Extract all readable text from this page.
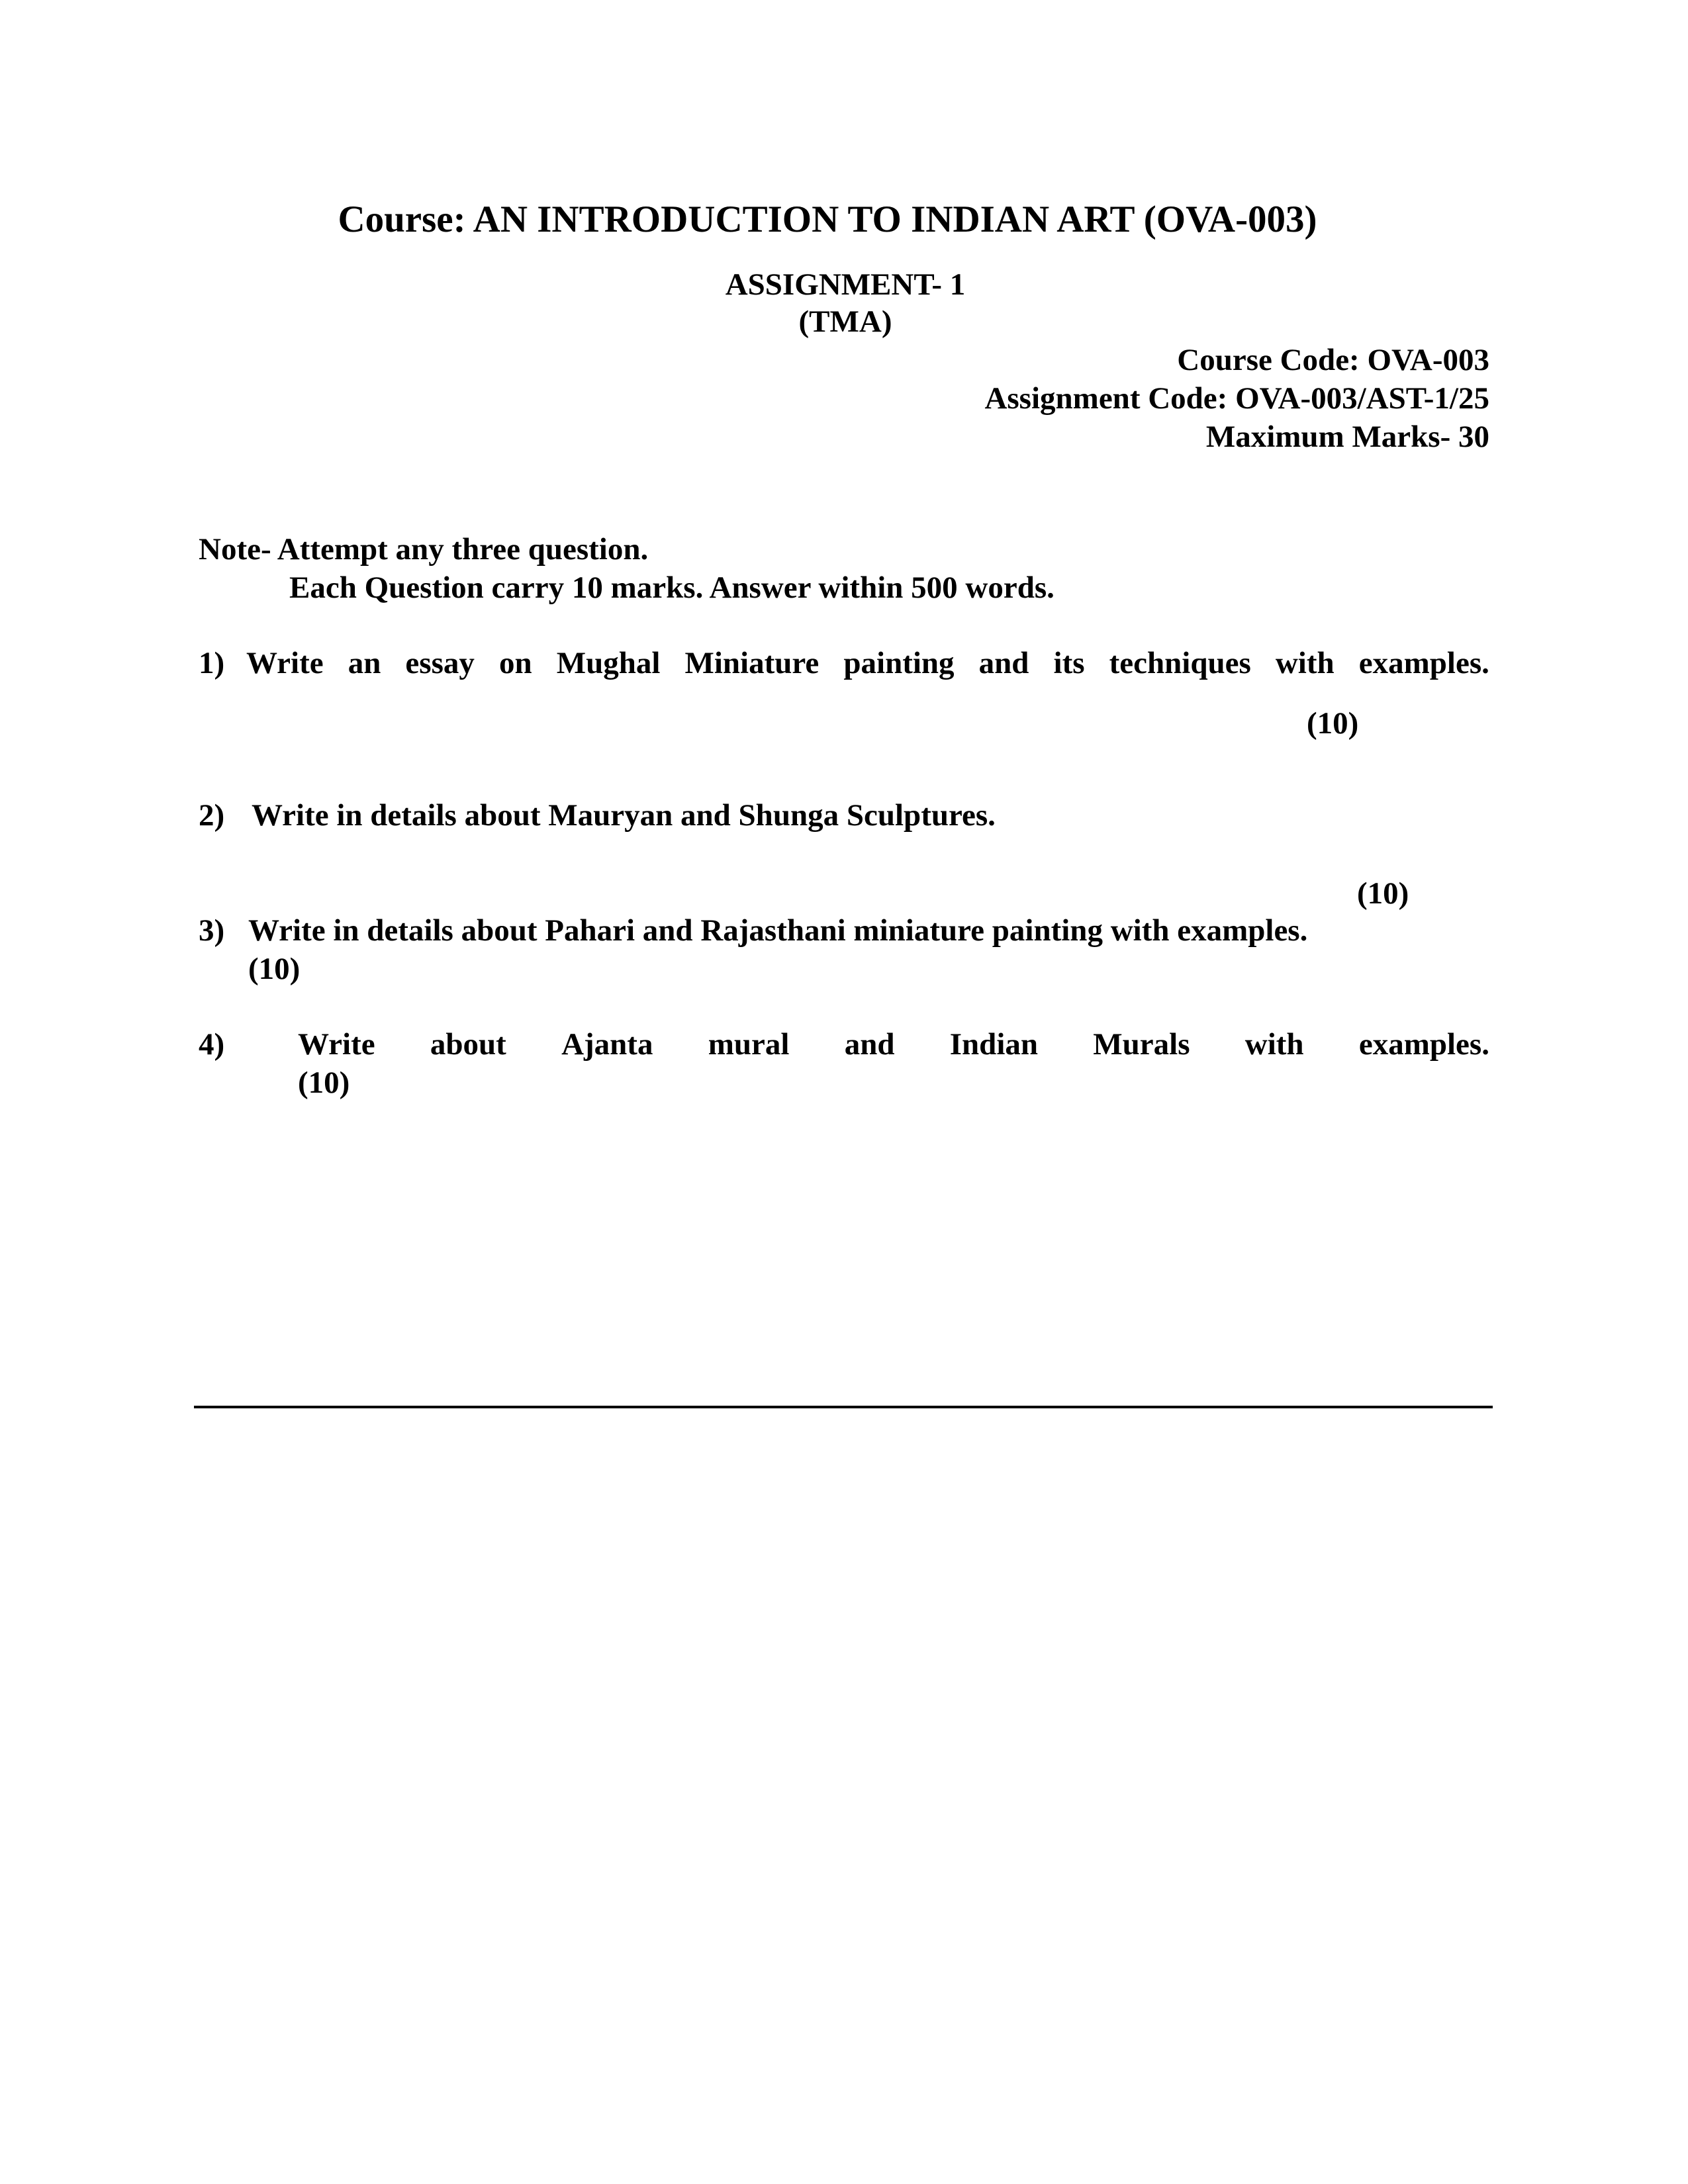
Course: AN INTRODUCTION TO INDIAN ART (OVA-003)
ASSIGNMENT- 1
(TMA)
Course Code: OVA-003
Assignment Code: OVA-003/AST-1/25
Maximum Marks- 30
Note- Attempt any three question.
Each Question carry 10 marks. Answer within 500 words.
1) Write an essay on Mughal Miniature painting and its techniques with examples.
(10)
2) Write in details about Mauryan and Shunga Sculptures.
(10)
3) Write in details about Pahari and Rajasthani miniature painting with examples.
(10)
4) Write about Ajanta mural and Indian Murals with examples.
(10)
